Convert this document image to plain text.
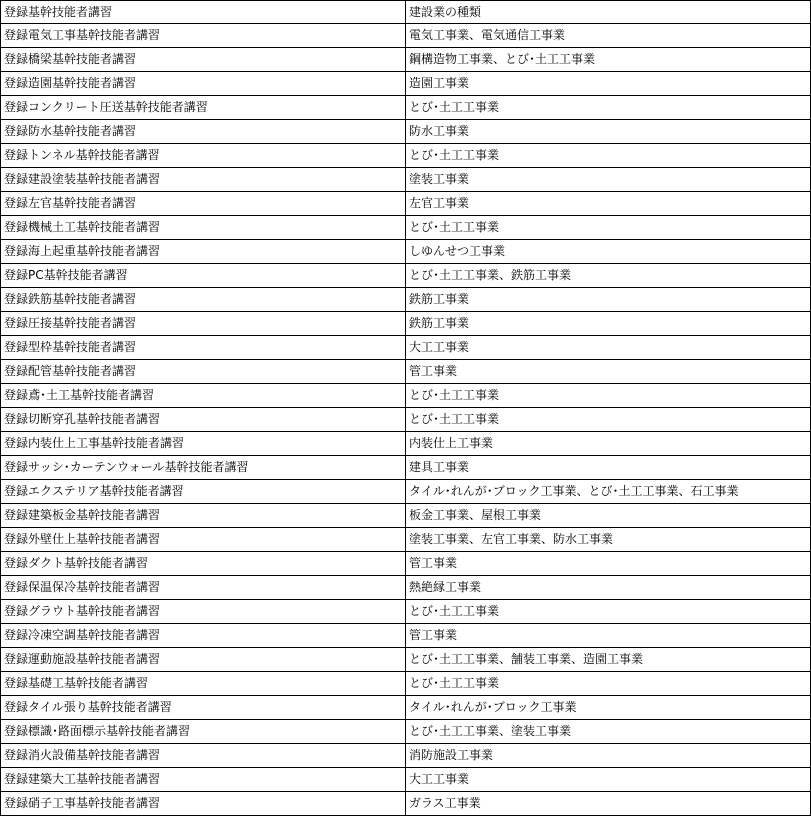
登録基幹技能者講習	建設業の種類
登録電気工事基幹技能者講習	電気工事業、電気通信工事業
登録橋梁基幹技能者講習	鋼構造物工事業、とび･土工工事業
登録造園基幹技能者講習	造園工事業
登録コンクリート圧送基幹技能者講習	とび･土工工事業
登録防水基幹技能者講習	防水工事業
登録トンネル基幹技能者講習	とび･土工工事業
登録建設塗装基幹技能者講習	塗装工事業
登録左官基幹技能者講習	左官工事業
登録機械土工基幹技能者講習	とび･土工工事業
登録海上起重基幹技能者講習	しゆんせつ工事業
登録PC基幹技能者講習	とび･土工工事業、鉄筋工事業
登録鉄筋基幹技能者講習	鉄筋工事業
登録圧接基幹技能者講習	鉄筋工事業
登録型枠基幹技能者講習	大工工事業
登録配管基幹技能者講習	管工事業
登録鳶･土工基幹技能者講習	とび･土工工事業
登録切断穿孔基幹技能者講習	とび･土工工事業
登録内装仕上工事基幹技能者講習	内装仕上工事業
登録サッシ･カーテンウォール基幹技能者講習	建具工事業
登録エクステリア基幹技能者講習	タイル･れんが･ブロック工事業、とび･土工工事業、石工事業
登録建築板金基幹技能者講習	板金工事業、屋根工事業
登録外壁仕上基幹技能者講習	塗装工事業、左官工事業、防水工事業
登録ダクト基幹技能者講習	管工事業
登録保温保冷基幹技能者講習	熱絶縁工事業
登録グラウト基幹技能者講習	とび･土工工事業
登録冷凍空調基幹技能者講習	管工事業
登録運動施設基幹技能者講習	とび･土工工事業、舗装工事業、造園工事業
登録基礎工基幹技能者講習	とび･土工工事業
登録タイル張り基幹技能者講習	タイル･れんが･ブロック工事業
登録標識･路面標示基幹技能者講習	とび･土工工事業、塗装工事業
登録消火設備基幹技能者講習	消防施設工事業
登録建築大工基幹技能者講習	大工工事業
登録硝子工事基幹技能者講習	ガラス工事業
